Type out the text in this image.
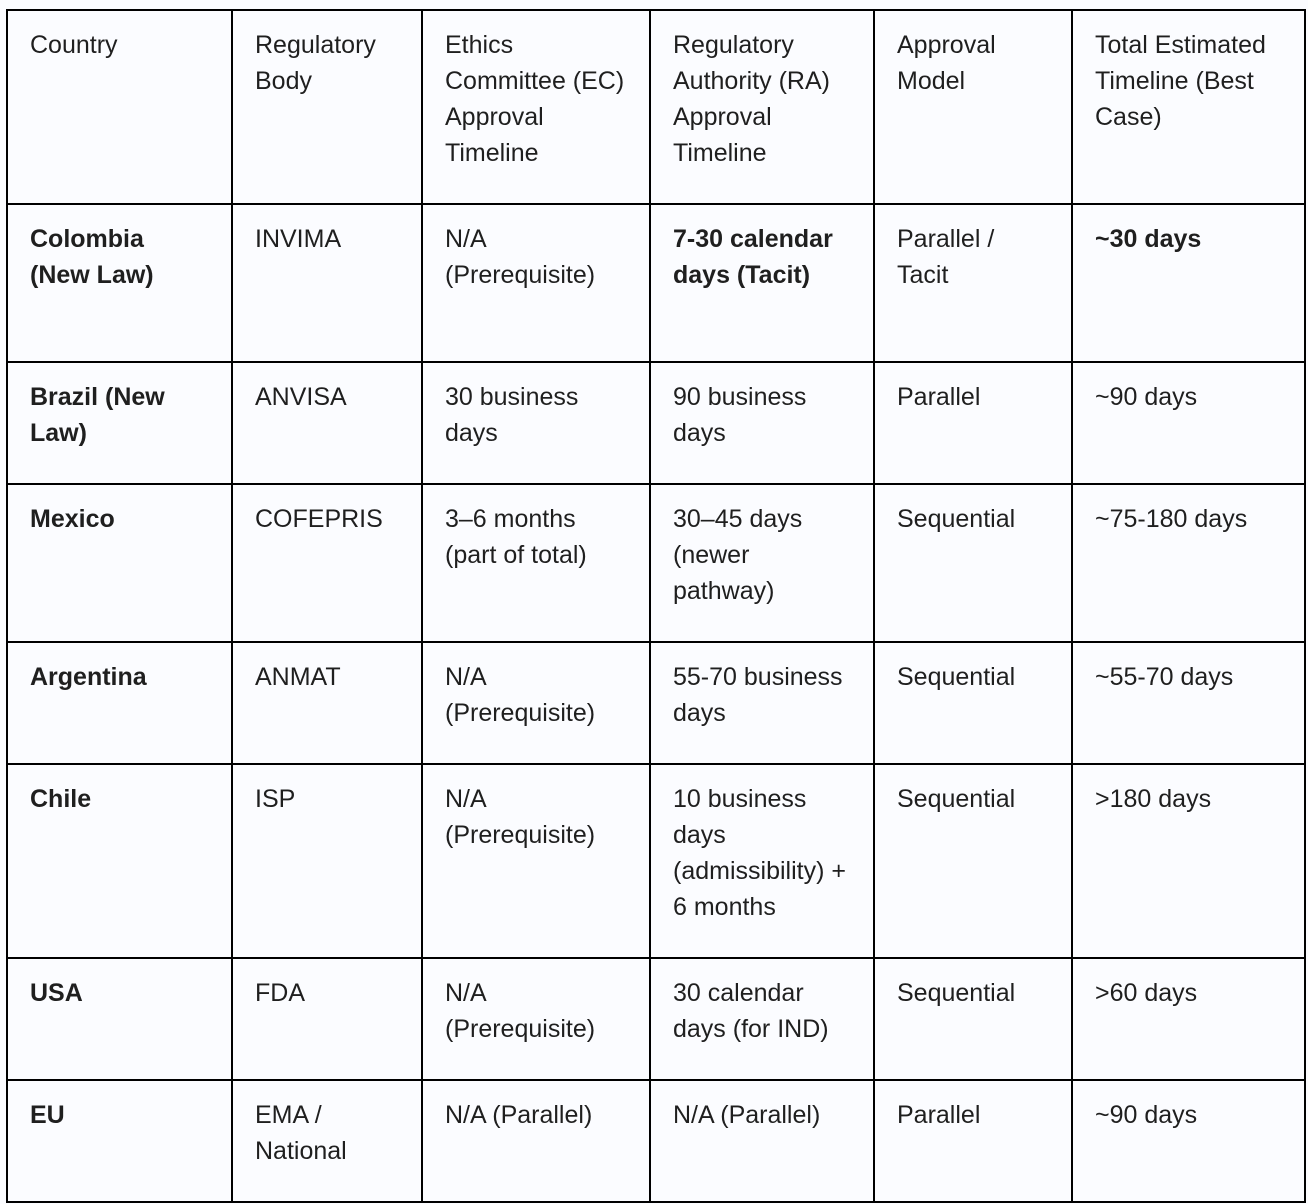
Country	Regulatory Body	Ethics Committee (EC) Approval Timeline	Regulatory Authority (RA) Approval Timeline	Approval Model	Total Estimated Timeline (Best Case)
Colombia (New Law)	INVIMA	N/A (Prerequisite)	7-30 calendar days (Tacit)	Parallel / Tacit	~30 days
Brazil (New Law)	ANVISA	30 business days	90 business days	Parallel	~90 days
Mexico	COFEPRIS	3–6 months (part of total)	30–45 days (newer pathway)	Sequential	~75-180 days
Argentina	ANMAT	N/A (Prerequisite)	55-70 business days	Sequential	~55-70 days
Chile	ISP	N/A (Prerequisite)	10 business days (admissibility) + 6 months	Sequential	>180 days
USA	FDA	N/A (Prerequisite)	30 calendar days (for IND)	Sequential	>60 days
EU	EMA / National	N/A (Parallel)	N/A (Parallel)	Parallel	~90 days
